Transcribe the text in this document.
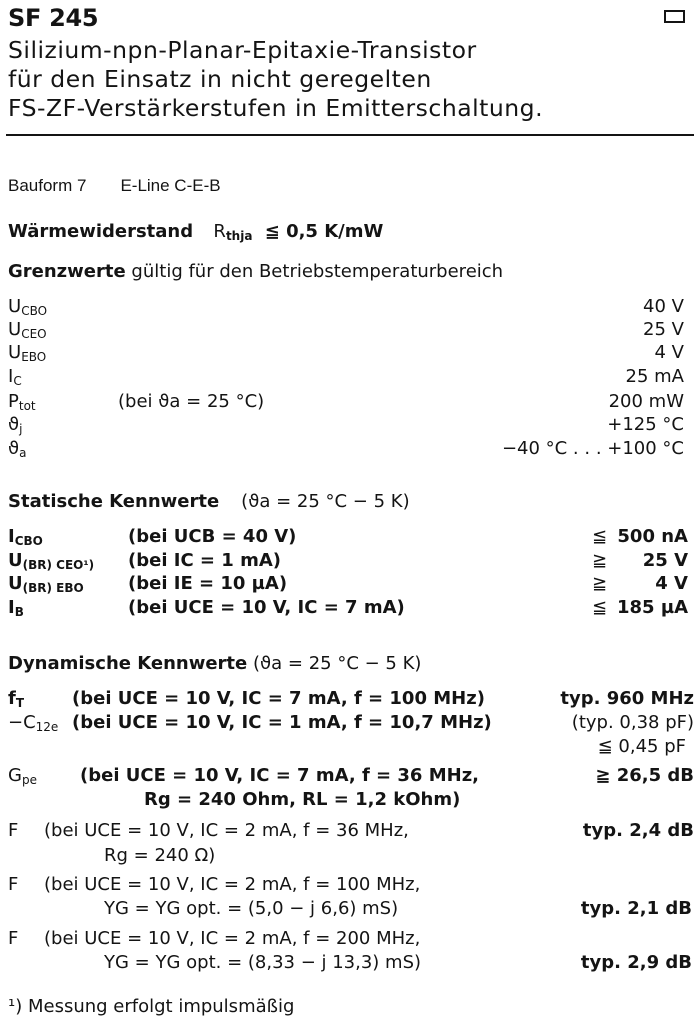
SF 245
Silizium-npn-Planar-Epitaxie-Transistor
für den Einsatz in nicht geregelten
FS-ZF-Verstärkerstufen in Emitterschaltung.
Bauform 7 E-Line C-E-B
Wärmewiderstand Rthja ≦ 0,5 K/mW
Grenzwerte gültig für den Betriebstemperaturbereich
$U_{CBO}$	40 V
$U_{CEO}$	25 V
$U_{EBO}$	4 V
$I_C$	25 mA
$P_{tot}$	(bei ϑa = 25 °C)	200 mW
$ϑ_j$	+125 °C
$ϑ_a$	−40 °C . . . +100 °C
Statische Kennwerte (ϑa = 25 °C − 5 K)
ICBO	(bei UCB = 40 V)	≦ 500 nA
U(BR) CEO¹) (bei IC = 1 mA)	≧ 25 V
U(BR) EBO (bei IE = 10 µA)	≧	4 V
IB	(bei UCE = 10 V, IC = 7 mA)	≦ 185 µA
Dynamische Kennwerte (ϑa = 25 °C − 5 K)
fT	(bei UCE = 10 V, IC = 7 mA, f = 100 MHz)	typ. 960 MHz
$-C_{12e}$ (bei UCE = 10 V, IC = 1 mA, f = 10,7 MHz)	(typ. 0,38 pF)
≦ 0,45 pF
$G_{pe}$ (bei UCE = 10 V, IC = 7 mA, f = 36 MHz,	≧ 26,5 dB
Rg = 240 Ohm, RL = 1,2 kOhm)
F (bei UCE = 10 V, IC = 2 mA, f = 36 MHz,	typ. 2,4 dB
Rg = 240 Ω)
F (bei UCE = 10 V, IC = 2 mA, f = 100 MHz,
YG = YG opt. = (5,0 − j 6,6) mS)	typ. 2,1 dB
F (bei UCE = 10 V, IC = 2 mA, f = 200 MHz,
YG = YG opt. = (8,33 − j 13,3) mS)	typ. 2,9 dB
¹) Messung erfolgt impulsmäßig
